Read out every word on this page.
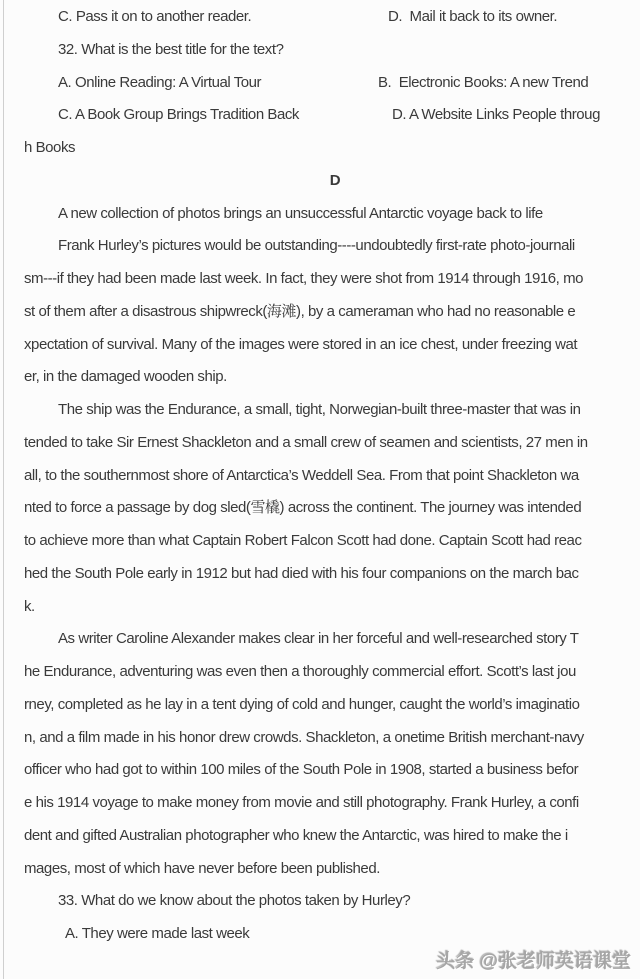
C. Pass it on to another reader.	D.  Mail it back to its owner.
32. What is the best title for the text?
A. Online Reading: A Virtual Tour	B.  Electronic Books: A new Trend
C. A Book Group Brings Tradition Back	D. A Website Links People throug
h Books
D
A new collection of photos brings an unsuccessful Antarctic voyage back to life
Frank Hurley’s pictures would be outstanding----undoubtedly first-rate photo-journali
sm---if they had been made last week. In fact, they were shot from 1914 through 1916, mo
st of them after a disastrous shipwreck(海滩), by a cameraman who had no reasonable e
xpectation of survival. Many of the images were stored in an ice chest, under freezing wat
er, in the damaged wooden ship.
The ship was the Endurance, a small, tight, Norwegian-built three-master that was in
tended to take Sir Ernest Shackleton and a small crew of seamen and scientists, 27 men in
all, to the southernmost shore of Antarctica’s Weddell Sea. From that point Shackleton wa
nted to force a passage by dog sled(雪橇) across the continent. The journey was intended
to achieve more than what Captain Robert Falcon Scott had done. Captain Scott had reac
hed the South Pole early in 1912 but had died with his four companions on the march bac
k.
As writer Caroline Alexander makes clear in her forceful and well-researched story T
he Endurance, adventuring was even then a thoroughly commercial effort. Scott’s last jou
rney, completed as he lay in a tent dying of cold and hunger, caught the world’s imaginatio
n, and a film made in his honor drew crowds. Shackleton, a onetime British merchant-navy
officer who had got to within 100 miles of the South Pole in 1908, started a business befor
e his 1914 voyage to make money from movie and still photography. Frank Hurley, a confi
dent and gifted Australian photographer who knew the Antarctic, was hired to make the i
mages, most of which have never before been published.
33. What do we know about the photos taken by Hurley?
A. They were made last week
头条 @张老师英语课堂
